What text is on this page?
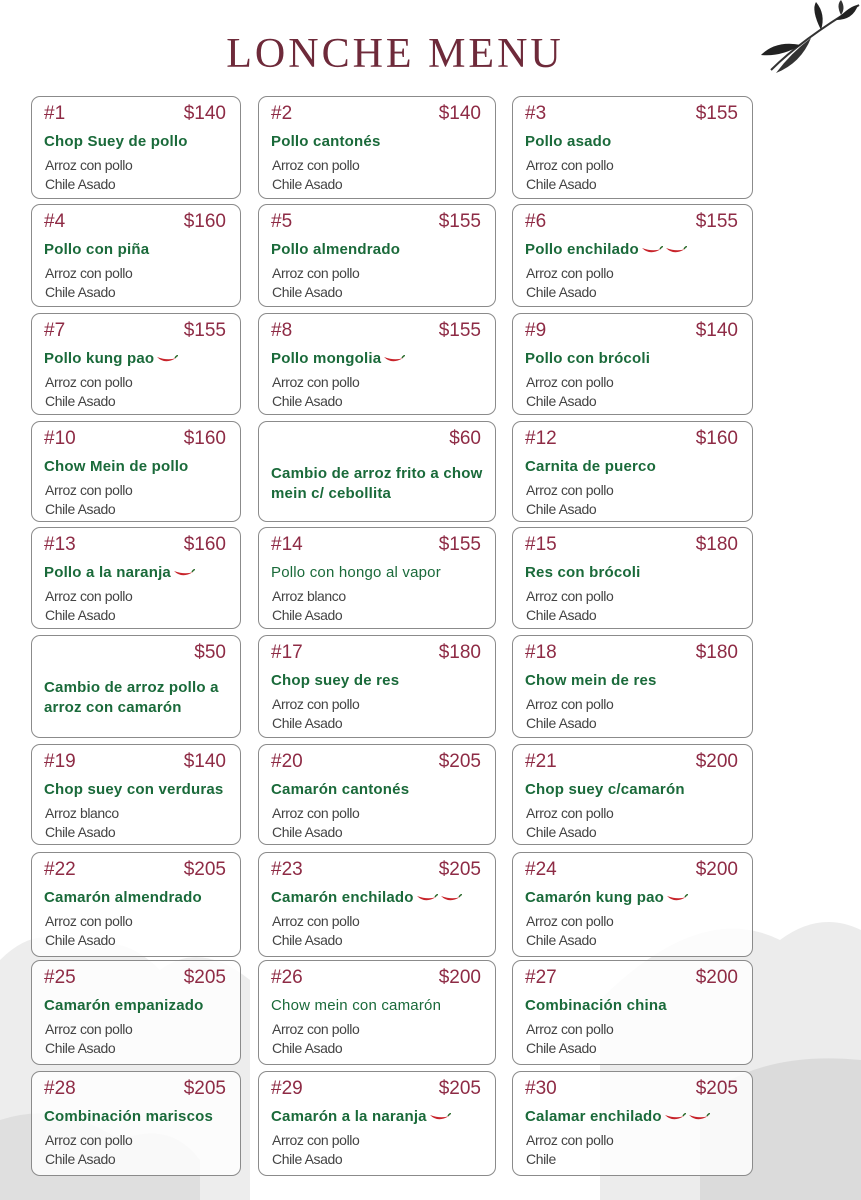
LONCHE MENU
#1	$140
Chop Suey de pollo
Arroz con pollo
Chile Asado
#2	$140
Pollo cantonés
Arroz con pollo
Chile Asado
#3	$155
Pollo asado
Arroz con pollo
Chile Asado
#4	$160
Pollo con piña
Arroz con pollo
Chile Asado
#5	$155
Pollo almendrado
Arroz con pollo
Chile Asado
#6	$155
Pollo enchilado
Arroz con pollo
Chile Asado
#7	$155
Pollo kung pao
Arroz con pollo
Chile Asado
#8	$155
Pollo mongolia
Arroz con pollo
Chile Asado
#9	$140
Pollo con brócoli
Arroz con pollo
Chile Asado
#10	$160
Chow Mein de pollo
Arroz con pollo
Chile Asado
$60
Cambio de arroz frito a chow mein c/ cebollita
#12	$160
Carnita de puerco
Arroz con pollo
Chile Asado
#13	$160
Pollo a la naranja
Arroz con pollo
Chile Asado
#14	$155
Pollo con hongo al vapor
Arroz blanco
Chile Asado
#15	$180
Res con brócoli
Arroz con pollo
Chile Asado
$50
Cambio de arroz pollo a arroz con camarón
#17	$180
Chop suey de res
Arroz con pollo
Chile Asado
#18	$180
Chow mein de res
Arroz con pollo
Chile Asado
#19	$140
Chop suey con verduras
Arroz blanco
Chile Asado
#20	$205
Camarón cantonés
Arroz con pollo
Chile Asado
#21	$200
Chop suey c/camarón
Arroz con pollo
Chile Asado
#22	$205
Camarón almendrado
Arroz con pollo
Chile Asado
#23	$205
Camarón enchilado
Arroz con pollo
Chile Asado
#24	$200
Camarón kung pao
Arroz con pollo
Chile Asado
#25	$205
Camarón empanizado
Arroz con pollo
Chile Asado
#26	$200
Chow mein con camarón
Arroz con pollo
Chile Asado
#27	$200
Combinación china
Arroz con pollo
Chile Asado
#28	$205
Combinación mariscos
Arroz con pollo
Chile Asado
#29	$205
Camarón a la naranja
Arroz con pollo
Chile Asado
#30	$205
Calamar enchilado
Arroz con pollo
Chile
